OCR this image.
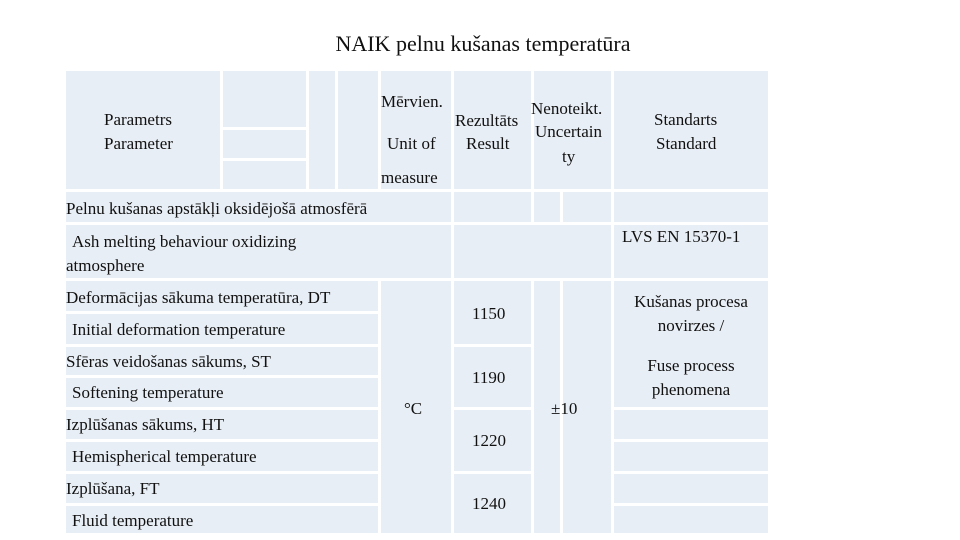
NAIK pelnu kušanas temperatūra
Parametrs
Parameter
Mērvien.
Unit of
measure
Rezultāts
Result
Nenoteikt.
Uncertain
ty
Standarts
Standard
Pelnu kušanas apstākļi oksidējošā atmosfērā
Ash melting behaviour oxidizing
atmosphere
LVS EN 15370-1
Deformācijas sākuma temperatūra, DT
Initial deformation temperature
Sfēras veidošanas sākums, ST
Softening temperature
Izplūšanas sākums, HT
Hemispherical temperature
Izplūšana, FT
Fluid temperature
1150
1190
1220
1240
°C	±10
Kušanas procesa
novirzes /
Fuse process
phenomena
